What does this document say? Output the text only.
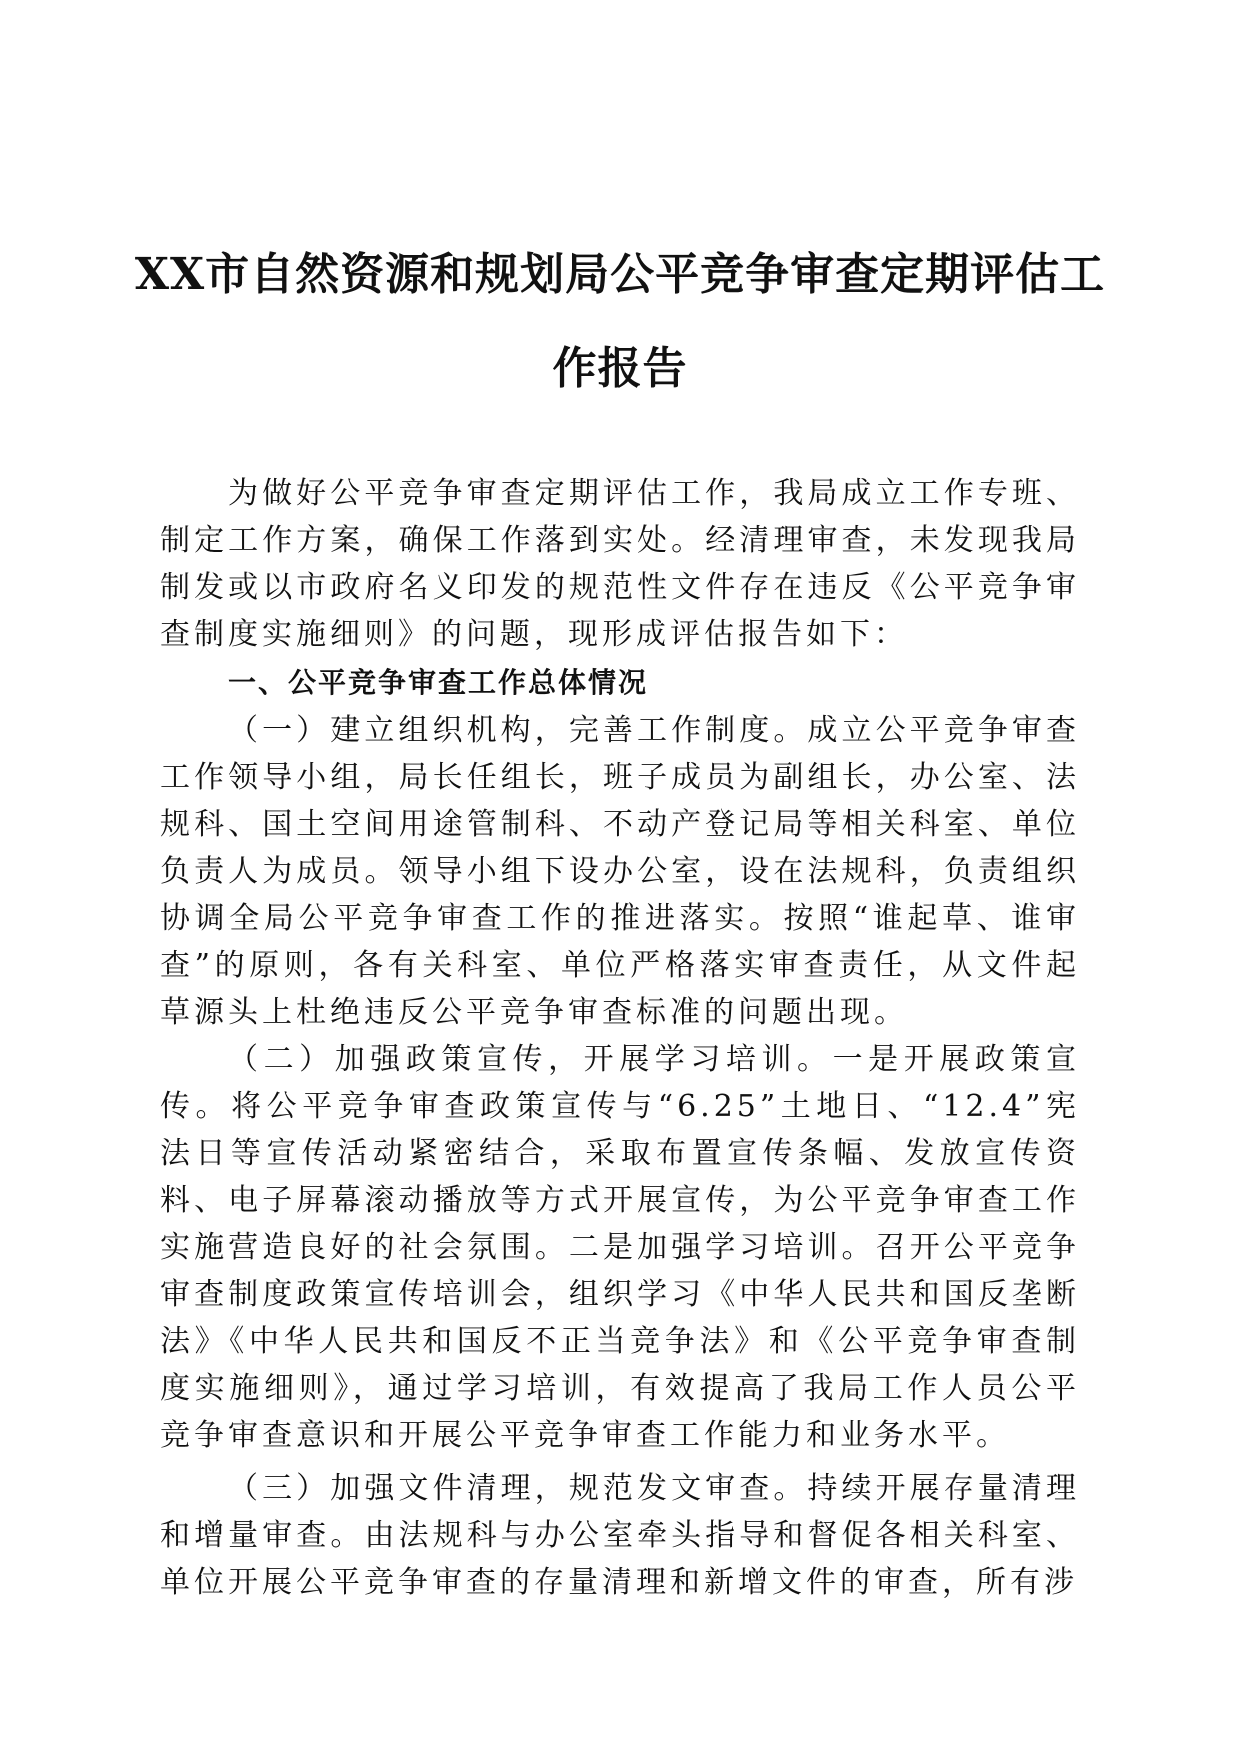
XX市自然资源和规划局公平竞争审查定期评估工作报告

为做好公平竞争审查定期评估工作，我局成立工作专班、制定工作方案，确保工作落到实处。经清理审查，未发现我局制发或以市政府名义印发的规范性文件存在违反《公平竞争审查制度实施细则》的问题，现形成评估报告如下：

一、公平竞争审查工作总体情况

（一）建立组织机构，完善工作制度。成立公平竞争审查工作领导小组，局长任组长，班子成员为副组长，办公室、法规科、国土空间用途管制科、不动产登记局等相关科室、单位负责人为成员。领导小组下设办公室，设在法规科，负责组织协调全局公平竞争审查工作的推进落实。按照“谁起草、谁审查”的原则，各有关科室、单位严格落实审查责任，从文件起草源头上杜绝违反公平竞争审查标准的问题出现。

（二）加强政策宣传，开展学习培训。一是开展政策宣传。将公平竞争审查政策宣传与“6.25”土地日、“12.4”宪法日等宣传活动紧密结合，采取布置宣传条幅、发放宣传资料、电子屏幕滚动播放等方式开展宣传，为公平竞争审查工作实施营造良好的社会氛围。二是加强学习培训。召开公平竞争审查制度政策宣传培训会，组织学习《中华人民共和国反垄断法》《中华人民共和国反不正当竞争法》和《公平竞争审查制度实施细则》，通过学习培训，有效提高了我局工作人员公平竞争审查意识和开展公平竞争审查工作能力和业务水平。

（三）加强文件清理，规范发文审查。持续开展存量清理和增量审查。由法规科与办公室牵头指导和督促各相关科室、单位开展公平竞争审查的存量清理和新增文件的审查，所有涉
